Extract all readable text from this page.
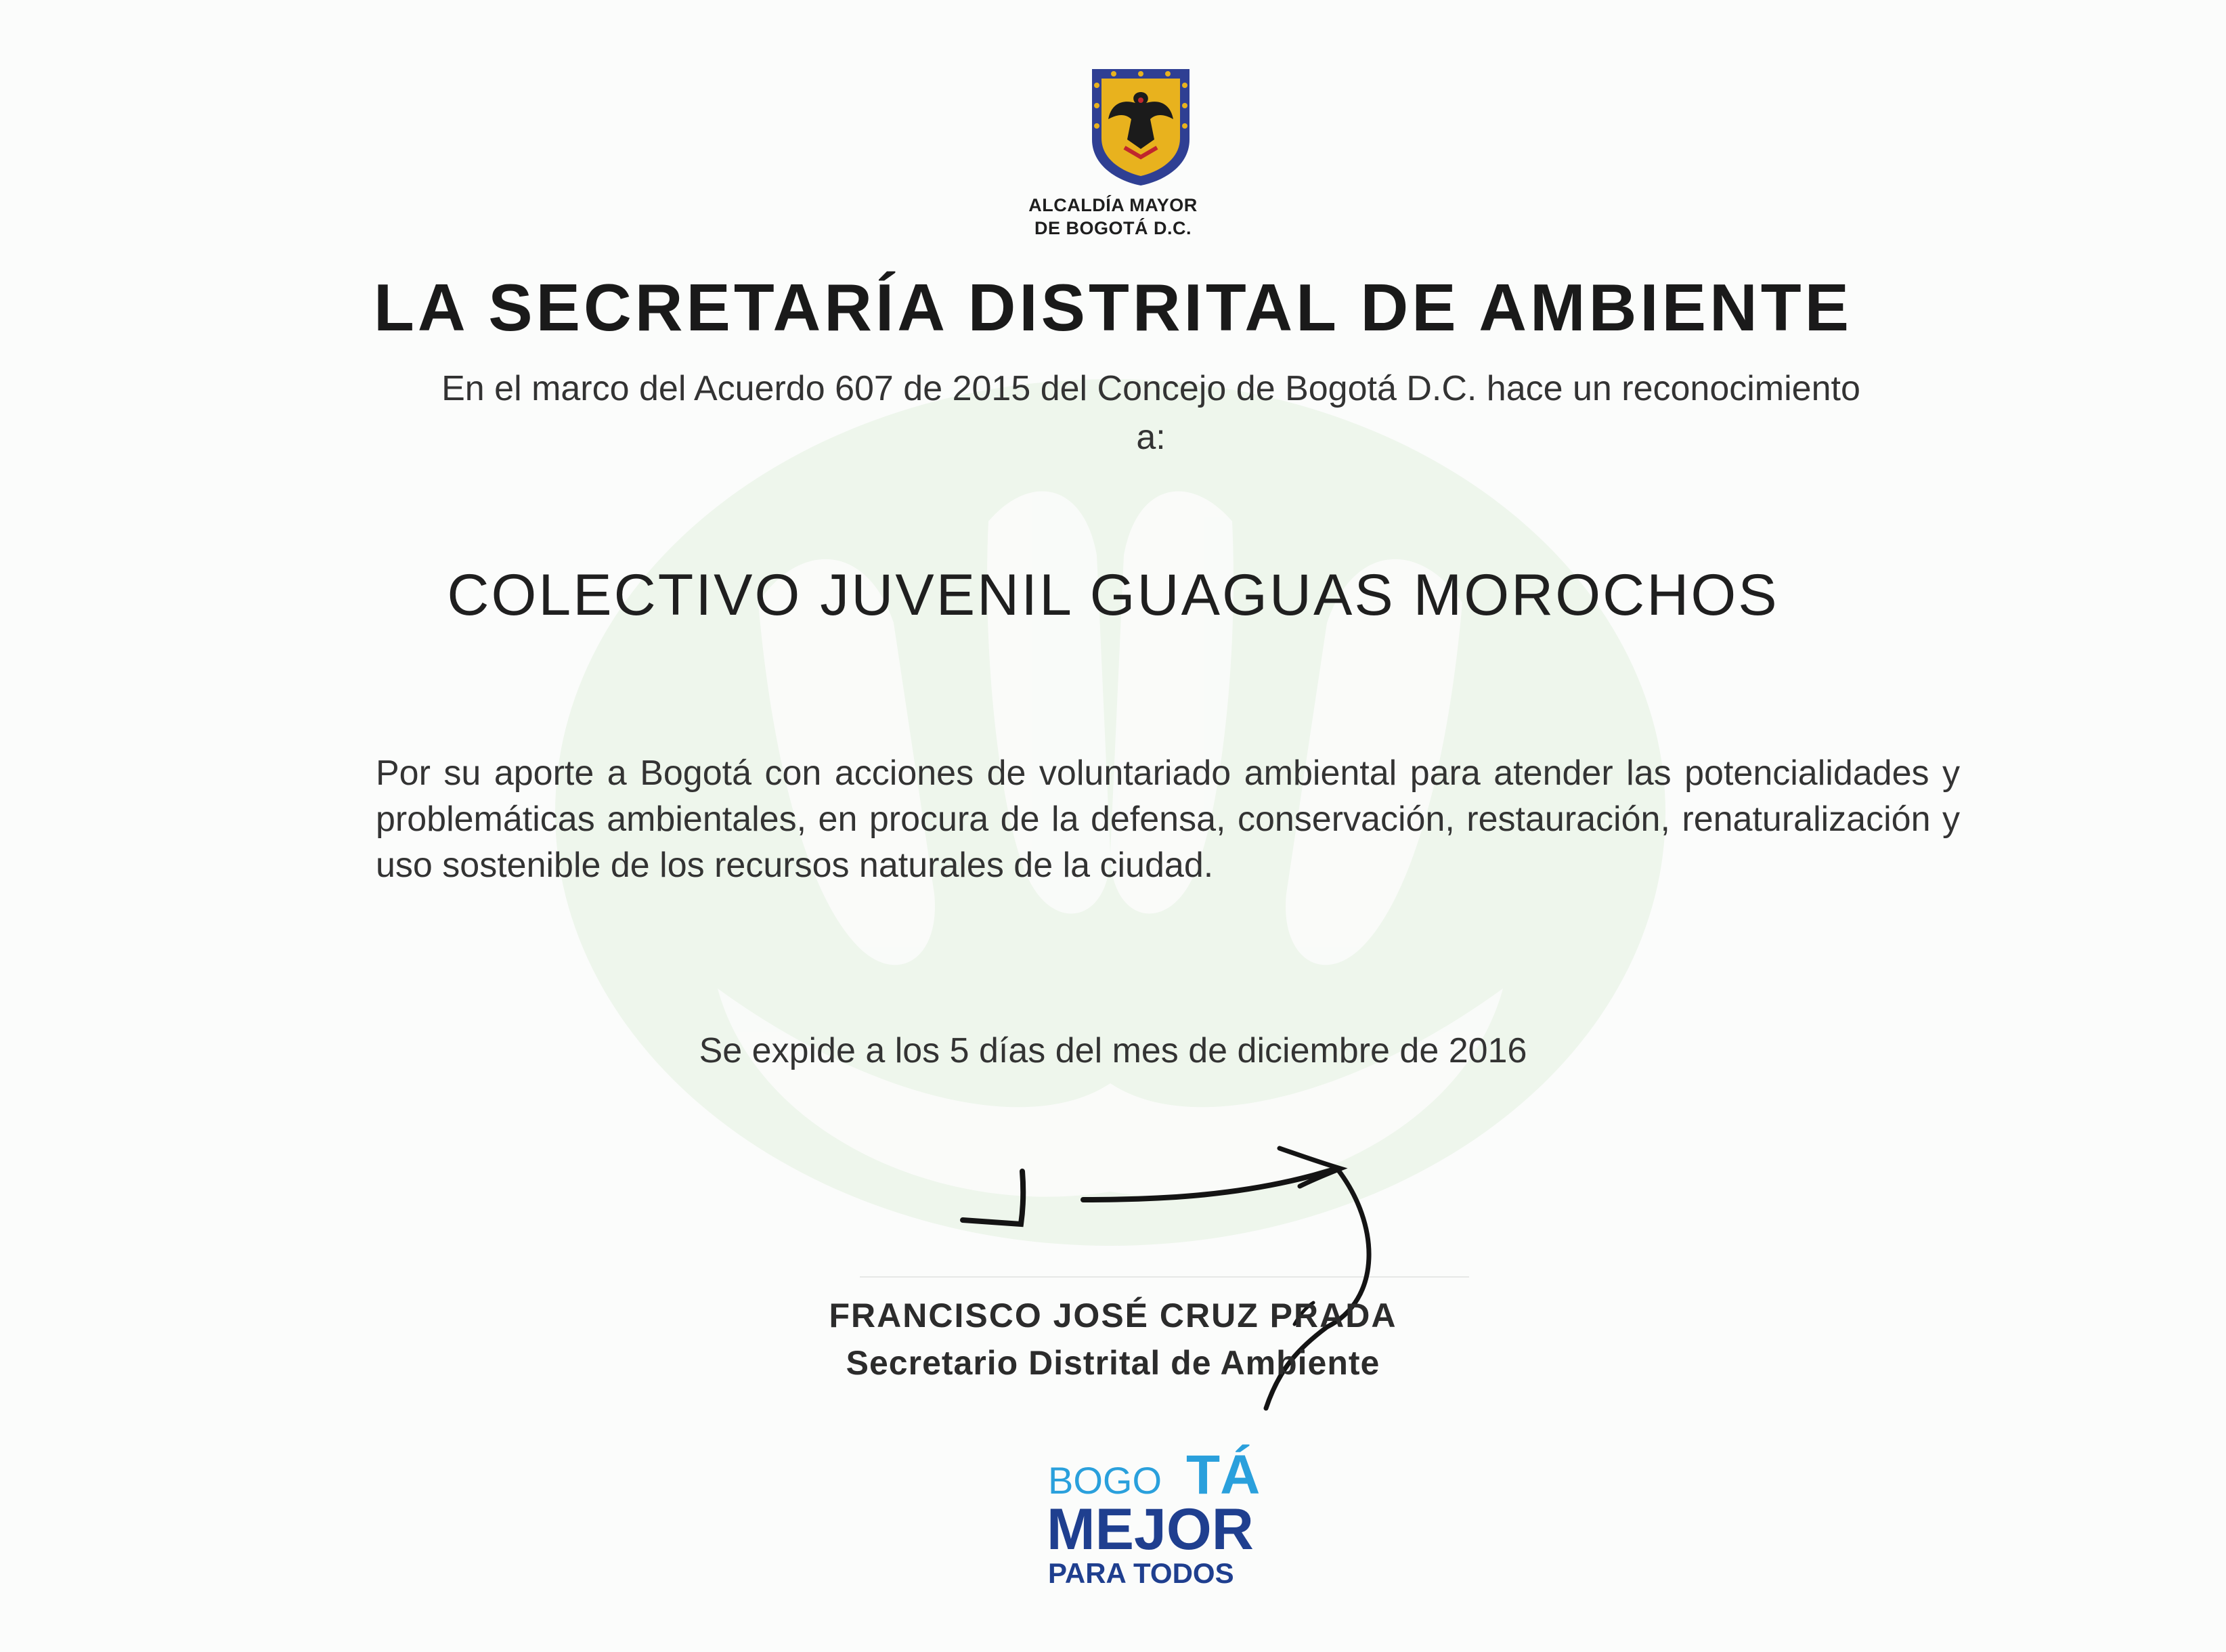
ALCALDÍA MAYOR
DE BOGOTÁ D.C.
LA SECRETARÍA DISTRITAL DE AMBIENTE
En el marco del Acuerdo 607 de 2015 del Concejo de Bogotá D.C. hace un reconocimiento a:
COLECTIVO JUVENIL GUAGUAS MOROCHOS
Por su aporte a Bogotá con acciones de voluntariado ambiental para atender las potencialidades y problemáticas ambientales, en procura de la defensa, conservación, restauración, renaturalización y uso sostenible de los recursos naturales de la ciudad.
Se expide a los 5 días del mes de diciembre de 2016
FRANCISCO JOSÉ CRUZ PRADA
Secretario Distrital de Ambiente
BOGO TÁ
MEJOR
PARA TODOS
